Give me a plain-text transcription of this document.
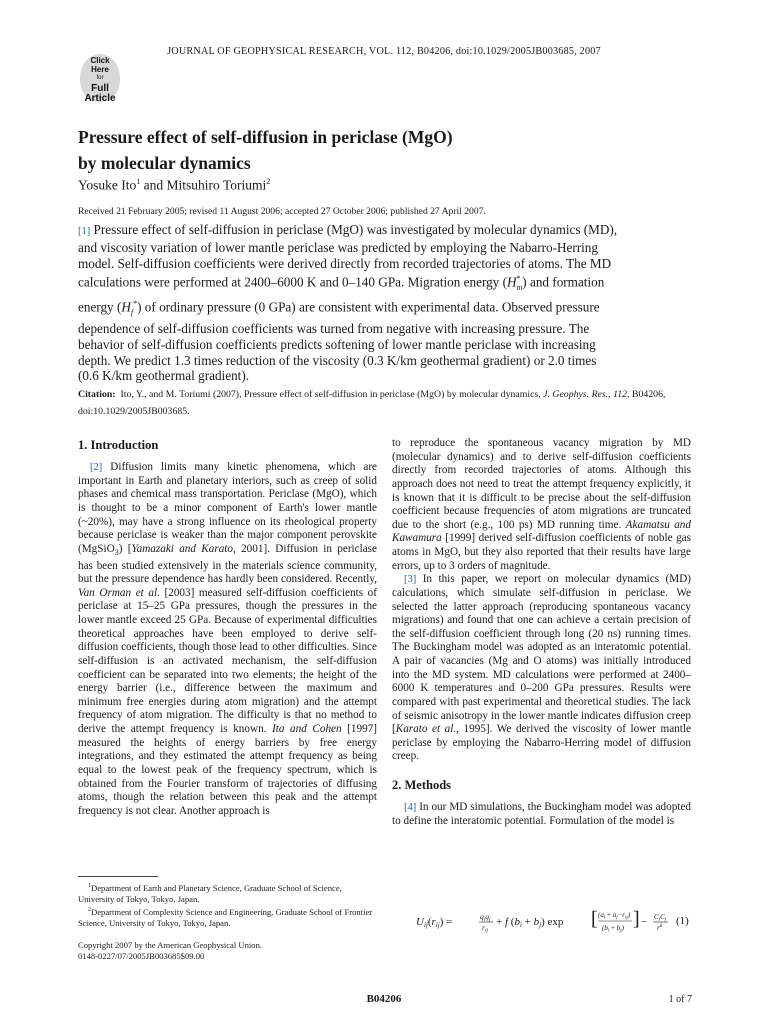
JOURNAL OF GEOPHYSICAL RESEARCH, VOL. 112, B04206, doi:10.1029/2005JB003685, 2007
Click
Here
for
Full
Article
Pressure effect of self-diffusion in periclase (MgO)
by molecular dynamics
Yosuke Ito$^1$ and Mitsuhiro Toriumi$^2$
Received 21 February 2005; revised 11 August 2006; accepted 27 October 2006; published 27 April 2007.
[1] Pressure effect of self-diffusion in periclase (MgO) was investigated by molecular dynamics (MD), and viscosity variation of lower mantle periclase was predicted by employing the Nabarro-Herring model. Self-diffusion coefficients were derived directly from recorded trajectories of atoms. The MD calculations were performed at 2400–6000 K and 0–140 GPa. Migration energy $(H^*_m)$ and formation energy $(H_f^*)$ of ordinary pressure (0 GPa) are consistent with experimental data. Observed pressure dependence of self-diffusion coefficients was turned from negative with increasing pressure. The behavior of self-diffusion coefficients predicts softening of lower mantle periclase with increasing depth. We predict 1.3 times reduction of the viscosity (0.3 K/km geothermal gradient) or 2.0 times (0.6 K/km geothermal gradient).
Citation: Ito, Y., and M. Toriumi (2007), Pressure effect of self-diffusion in periclase (MgO) by molecular dynamics, J. Geophys. Res., 112, B04206, doi:10.1029/2005JB003685.
1. Introduction

[2] Diffusion limits many kinetic phenomena, which are important in Earth and planetary interiors, such as creep of solid phases and chemical mass transportation. Periclase (MgO), which is thought to be a minor component of Earth's lower mantle (~20%), may have a strong influence on its rheological property because periclase is weaker than the major component perovskite (MgSiO$_3$) [Yamazaki and Karato, 2001]. Diffusion in periclase has been studied extensively in the materials science community, but the pressure dependence has hardly been considered. Recently, Van Orman et al. [2003] measured self-diffusion coefficients of periclase at 15–25 GPa pressures, though the pressures in the lower mantle exceed 25 GPa. Because of experimental difficulties theoretical approaches have been employed to derive self-diffusion coefficients, though those lead to other difficulties. Since self-diffusion is an activated mechanism, the self-diffusion coefficient can be separated into two elements; the height of the energy barrier (i.e., difference between the maximum and minimum free energies during atom migration) and the attempt frequency of atom migration. The difficulty is that no method to derive the attempt frequency is known. Ita and Cohen [1997] measured the heights of energy barriers by free energy integrations, and they estimated the attempt frequency as being equal to the lowest peak of the frequency spectrum, which is obtained from the Fourier transform of trajectories of diffusing atoms, though the relation between this peak and the attempt frequency is not clear. Another approach is

to reproduce the spontaneous vacancy migration by MD (molecular dynamics) and to derive self-diffusion coefficients directly from recorded trajectories of atoms. Although this approach does not need to treat the attempt frequency explicitly, it is known that it is difficult to be precise about the self-diffusion coefficient because frequencies of atom migrations are truncated due to the short (e.g., 100 ps) MD running time. Akamatsu and Kawamura [1999] derived self-diffusion coefficients of noble gas atoms in MgO, but they also reported that their results have large errors, up to 3 orders of magnitude.

[3] In this paper, we report on molecular dynamics (MD) calculations, which simulate self-diffusion in periclase. We selected the latter approach (reproducing spontaneous vacancy migrations) and found that one can achieve a certain precision of the self-diffusion coefficient through long (20 ns) running times. The Buckingham model was adopted as an interatomic potential. A pair of vacancies (Mg and O atoms) was initially introduced into the MD system. MD calculations were performed at 2400–6000 K temperatures and 0–200 GPa pressures. Results were compared with past experimental and theoretical studies. The lack of seismic anisotropy in the lower mantle indicates diffusion creep [Karato et al., 1995]. We derived the viscosity of lower mantle periclase by employing the Nabarro-Herring model of diffusion creep.

2. Methods

[4] In our MD simulations, the Buckingham model was adopted to define the interatomic potential. Formulation of the model is

Uij(rij) =	$q_iq_j$
$r_{ij}$
+ f (bi + bj) exp [ $(a_i + a_j-r_{ij})$
$(b_i + b_j)$ ] − $C_iC_j$
$r^6$ (1)

$^1$Department of Earth and Planetary Science, Graduate School of Science, University of Tokyo, Tokyo, Japan.

$^2$Department of Complexity Science and Engineering, Graduate School of Frontier Science, University of Tokyo, Tokyo, Japan.

Copyright 2007 by the American Geophysical Union.
0148-0227/07/2005JB003685$09.00
B04206	1 of 7
